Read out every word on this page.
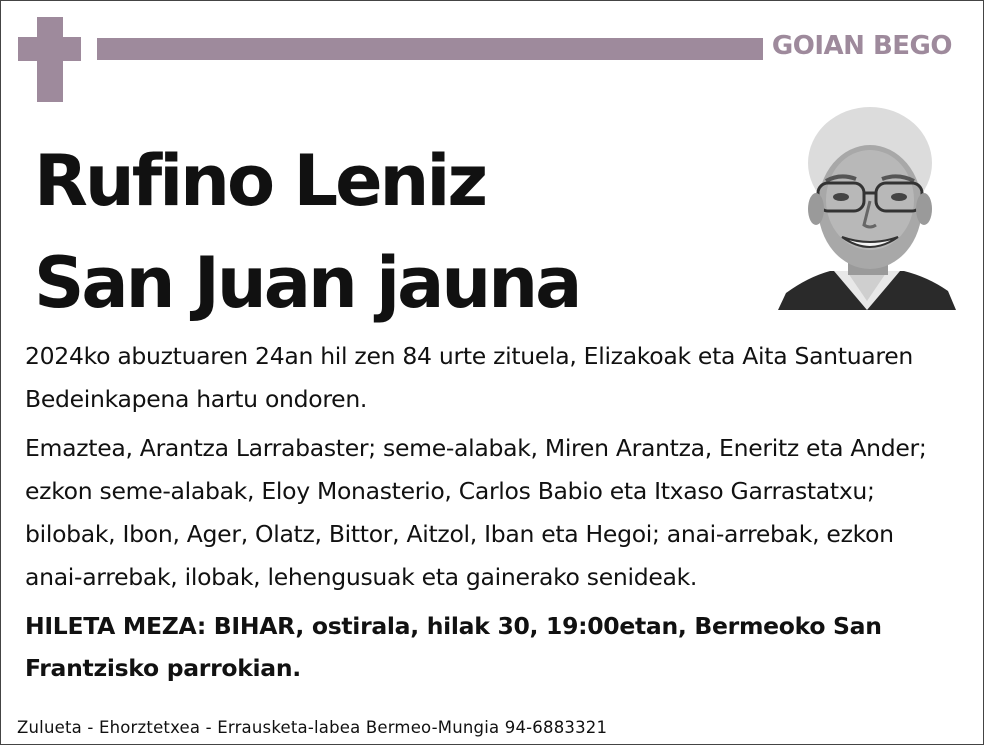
GOIAN BEGO
Rufino Leniz
San Juan jauna

2024ko abuztuaren 24an hil zen 84 urte zituela, Elizakoak eta Aita Santuaren Bedeinkapena hartu ondoren.

Emaztea, Arantza Larrabaster; seme-alabak, Miren Arantza, Eneritz eta Ander; ezkon seme-alabak, Eloy Monasterio, Carlos Babio eta Itxaso Garrastatxu; bilobak, Ibon, Ager, Olatz, Bittor, Aitzol, Iban eta Hegoi; anai-arrebak, ezkon anai-arrebak, ilobak, lehengusuak eta gainerako senideak.

HILETA MEZA: BIHAR, ostirala, hilak 30, 19:00etan, Bermeoko San Frantzisko parrokian.

Zulueta - Ehorztetxea - Errausketa-labea Bermeo-Mungia 94-6883321
